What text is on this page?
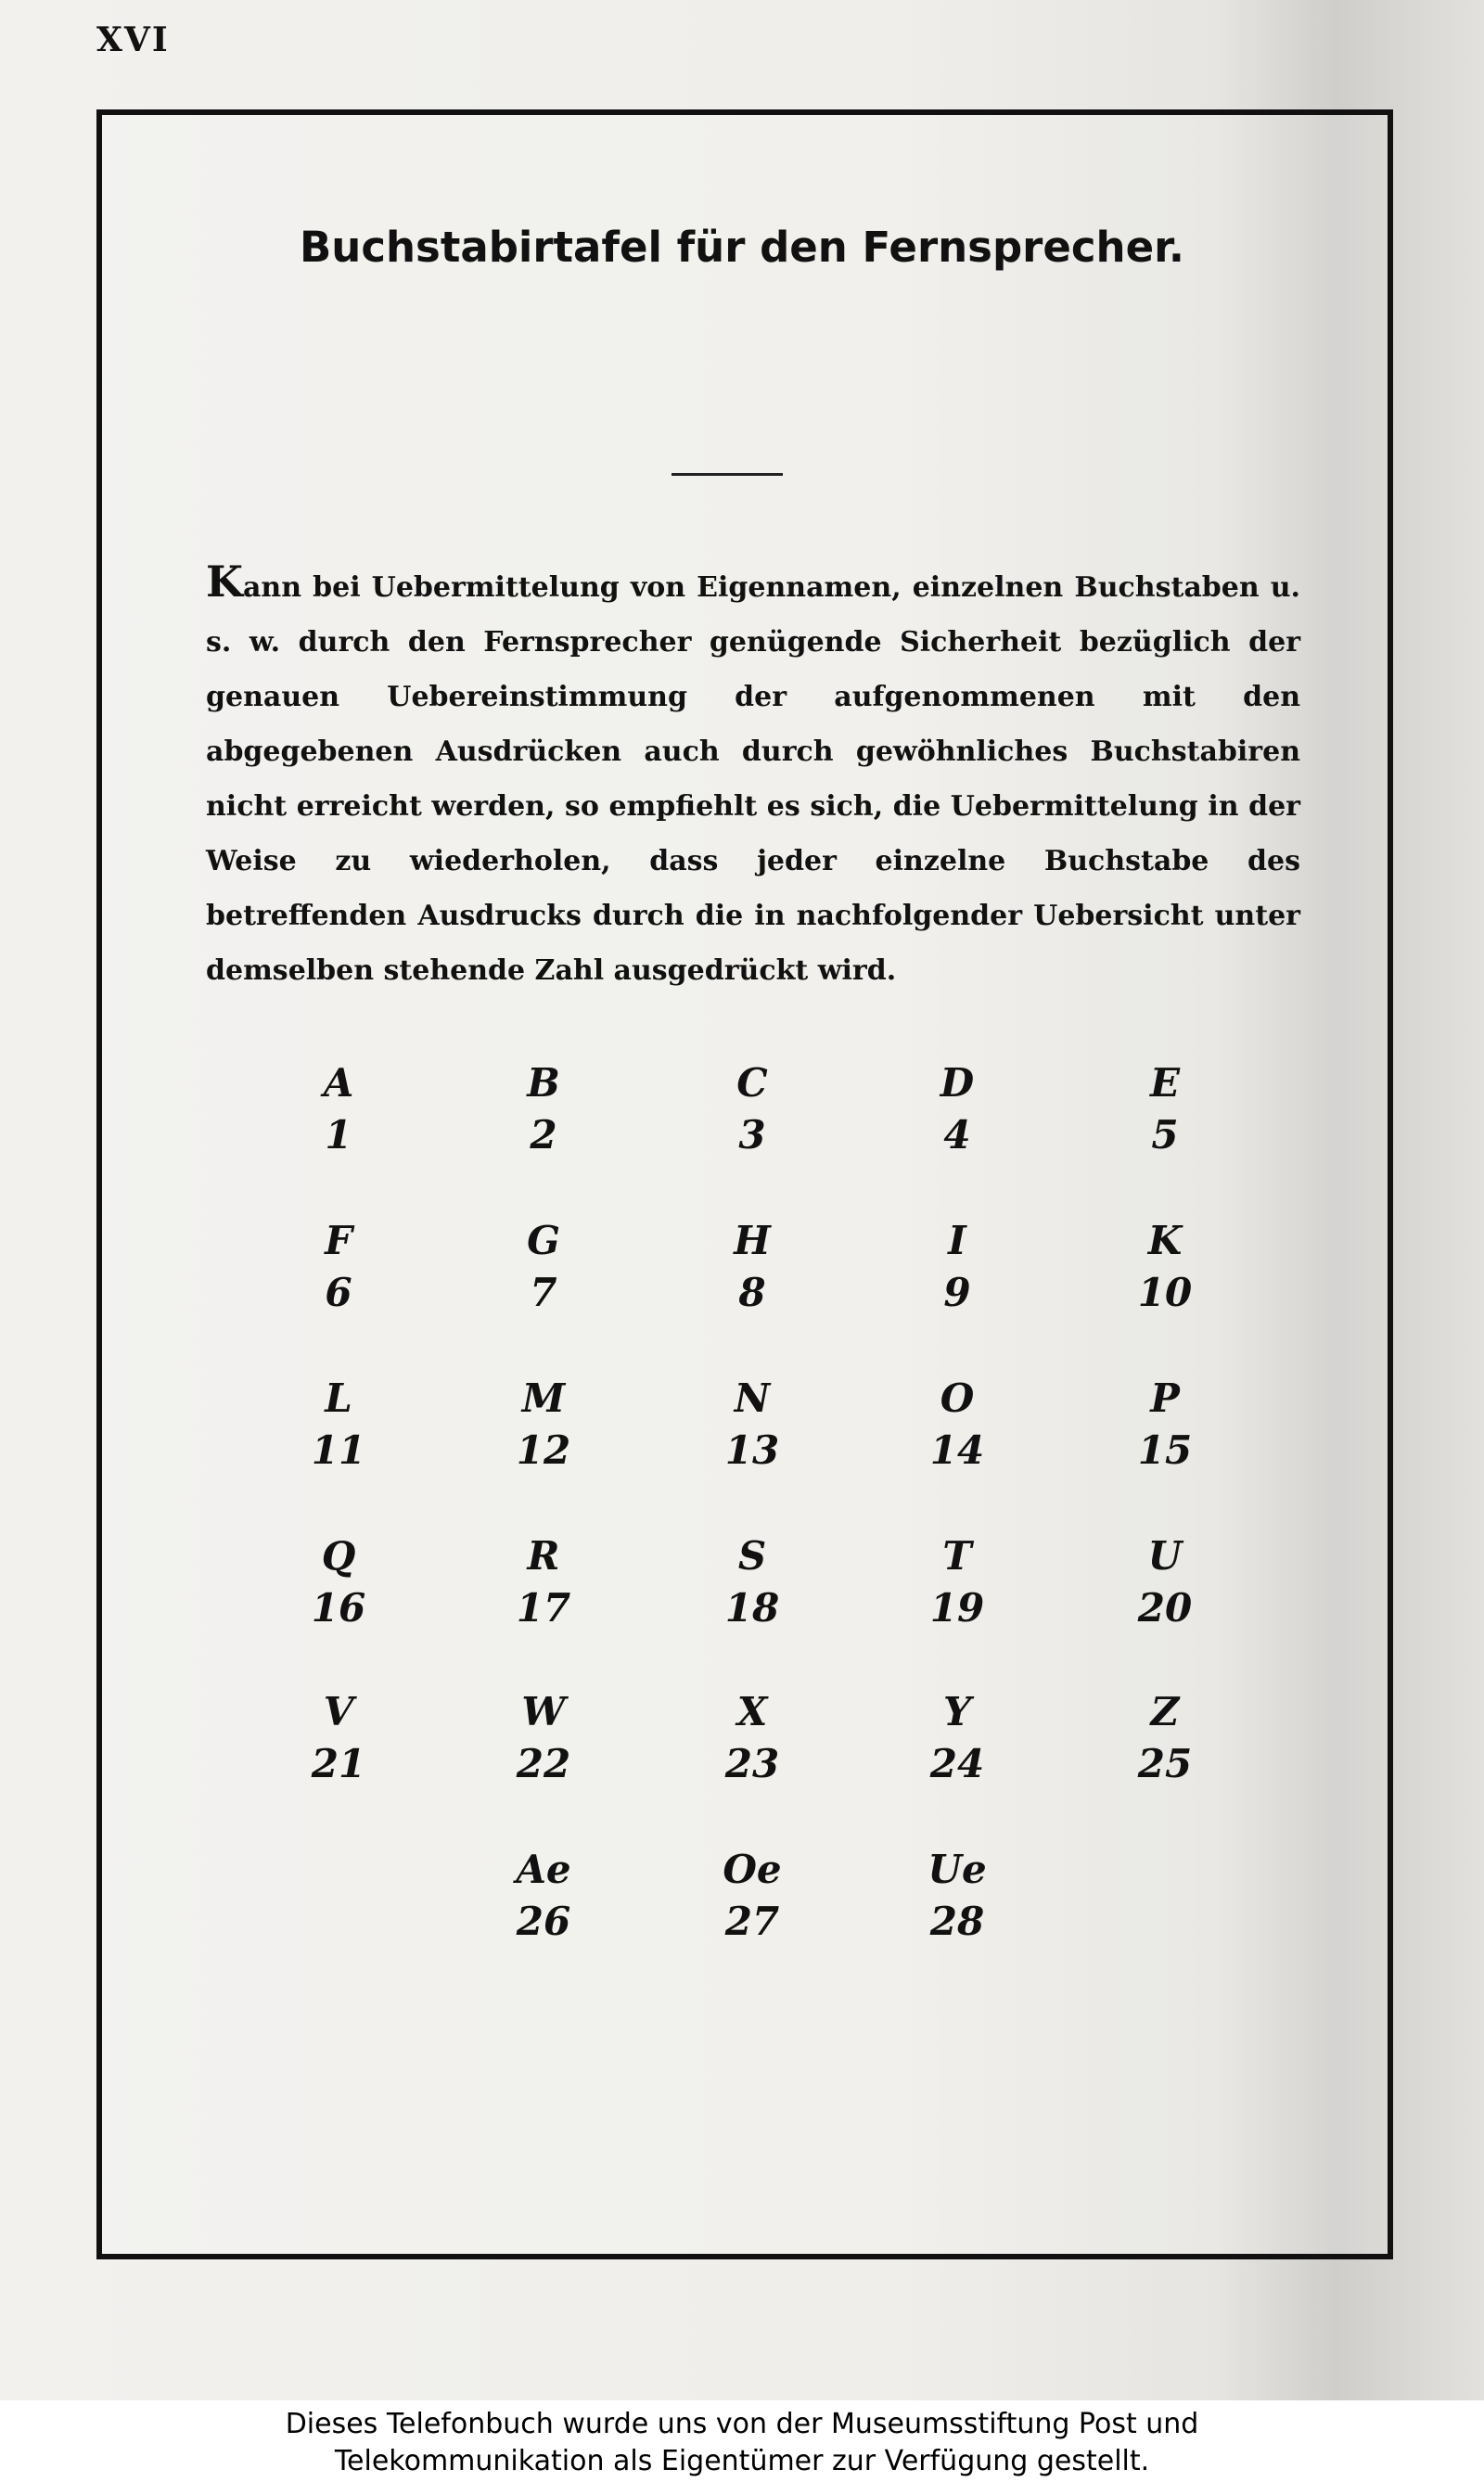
XVI
Buchstabirtafel für den Fernsprecher.
Kann bei Uebermittelung von Eigennamen, einzelnen Buchstaben u. s. w. durch den Fernsprecher genügende Sicherheit bezüglich der genauen Uebereinstimmung der aufgenommenen mit den abgegebenen Ausdrücken auch durch gewöhnliches Buchstabiren nicht erreicht werden, so empfiehlt es sich, die Uebermittelung in der Weise zu wiederholen, dass jeder einzelne Buchstabe des betreffenden Ausdrucks durch die in nachfolgender Uebersicht unter demselben stehende Zahl ausgedrückt wird.
A
1
B
2
C
3
D
4
E
5
F
6
G
7
H
8
I
9
K
10
L
11
M
12
N
13
O
14
P
15
Q
16
R
17
S
18
T
19
U
20
V
21
W
22
X
23
Y
24
Z
25
Ae
26
Oe
27
Ue
28
Dieses Telefonbuch wurde uns von der Museumsstiftung Post und
Telekommunikation als Eigentümer zur Verfügung gestellt.
